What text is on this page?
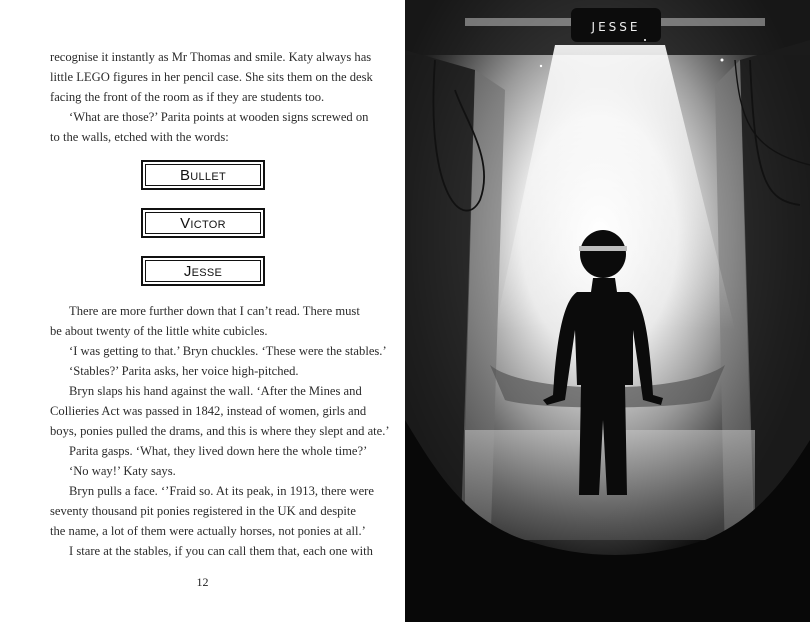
recognise it instantly as Mr Thomas and smile. Katy always has
little LEGO figures in her pencil case. She sits them on the desk
facing the front of the room as if they are students too.
‘What are those?’ Parita points at wooden signs screwed on
to the walls, etched with the words:
Bullet
Victor
Jesse
There are more further down that I can’t read. There must
be about twenty of the little white cubicles.
‘I was getting to that.’ Bryn chuckles. ‘These were the stables.’
‘Stables?’ Parita asks, her voice high-pitched.
Bryn slaps his hand against the wall. ‘After the Mines and
Collieries Act was passed in 1842, instead of women, girls and
boys, ponies pulled the drams, and this is where they slept and ate.’
Parita gasps. ‘What, they lived down here the whole time?’
‘No way!’ Katy says.
Bryn pulls a face. ‘’Fraid so. At its peak, in 1913, there were
seventy thousand pit ponies registered in the UK and despite
the name, a lot of them were actually horses, not ponies at all.’
I stare at the stables, if you can call them that, each one with
12
JESSE
